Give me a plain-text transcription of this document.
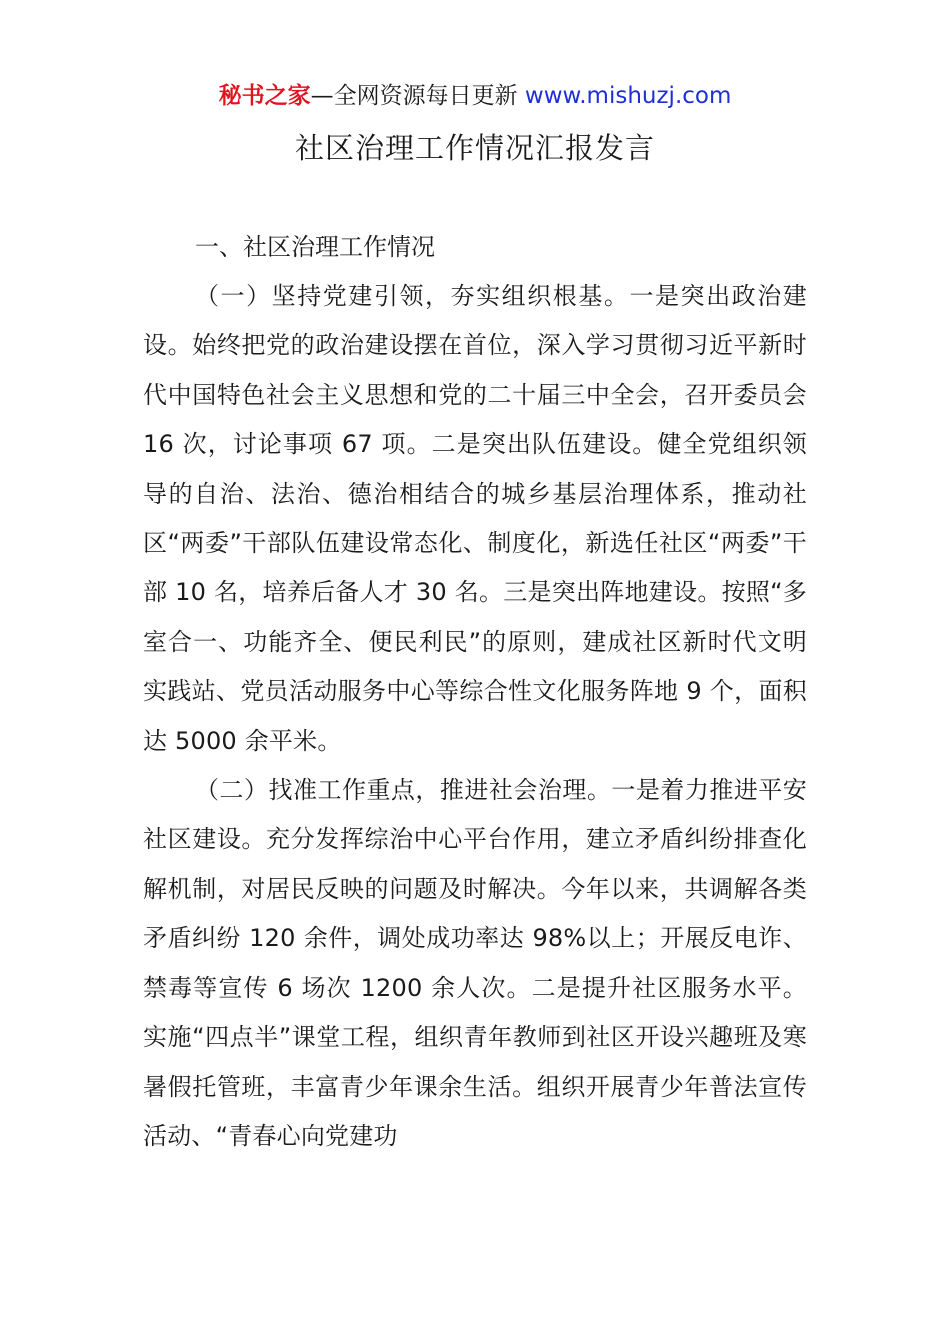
秘书之家—全网资源每日更新 www.mishuzj.com
社区治理工作情况汇报发言

一、社区治理工作情况

（一）坚持党建引领，夯实组织根基。一是突出政治建设。始终把党的政治建设摆在首位，深入学习贯彻习近平新时代中国特色社会主义思想和党的二十届三中全会，召开委员会 16 次，讨论事项 67 项。二是突出队伍建设。健全党组织领导的自治、法治、德治相结合的城乡基层治理体系，推动社区“两委”干部队伍建设常态化、制度化，新选任社区“两委”干部 10 名，培养后备人才 30 名。三是突出阵地建设。按照“多室合一、功能齐全、便民利民”的原则，建成社区新时代文明实践站、党员活动服务中心等综合性文化服务阵地 9 个，面积达 5000 余平米。

（二）找准工作重点，推进社会治理。一是着力推进平安社区建设。充分发挥综治中心平台作用，建立矛盾纠纷排查化解机制，对居民反映的问题及时解决。今年以来，共调解各类矛盾纠纷 120 余件，调处成功率达 98%以上；开展反电诈、禁毒等宣传 6 场次 1200 余人次。二是提升社区服务水平。实施“四点半”课堂工程，组织青年教师到社区开设兴趣班及寒暑假托管班，丰富青少年课余生活。组织开展青少年普法宣传活动、“青春心向党建功
